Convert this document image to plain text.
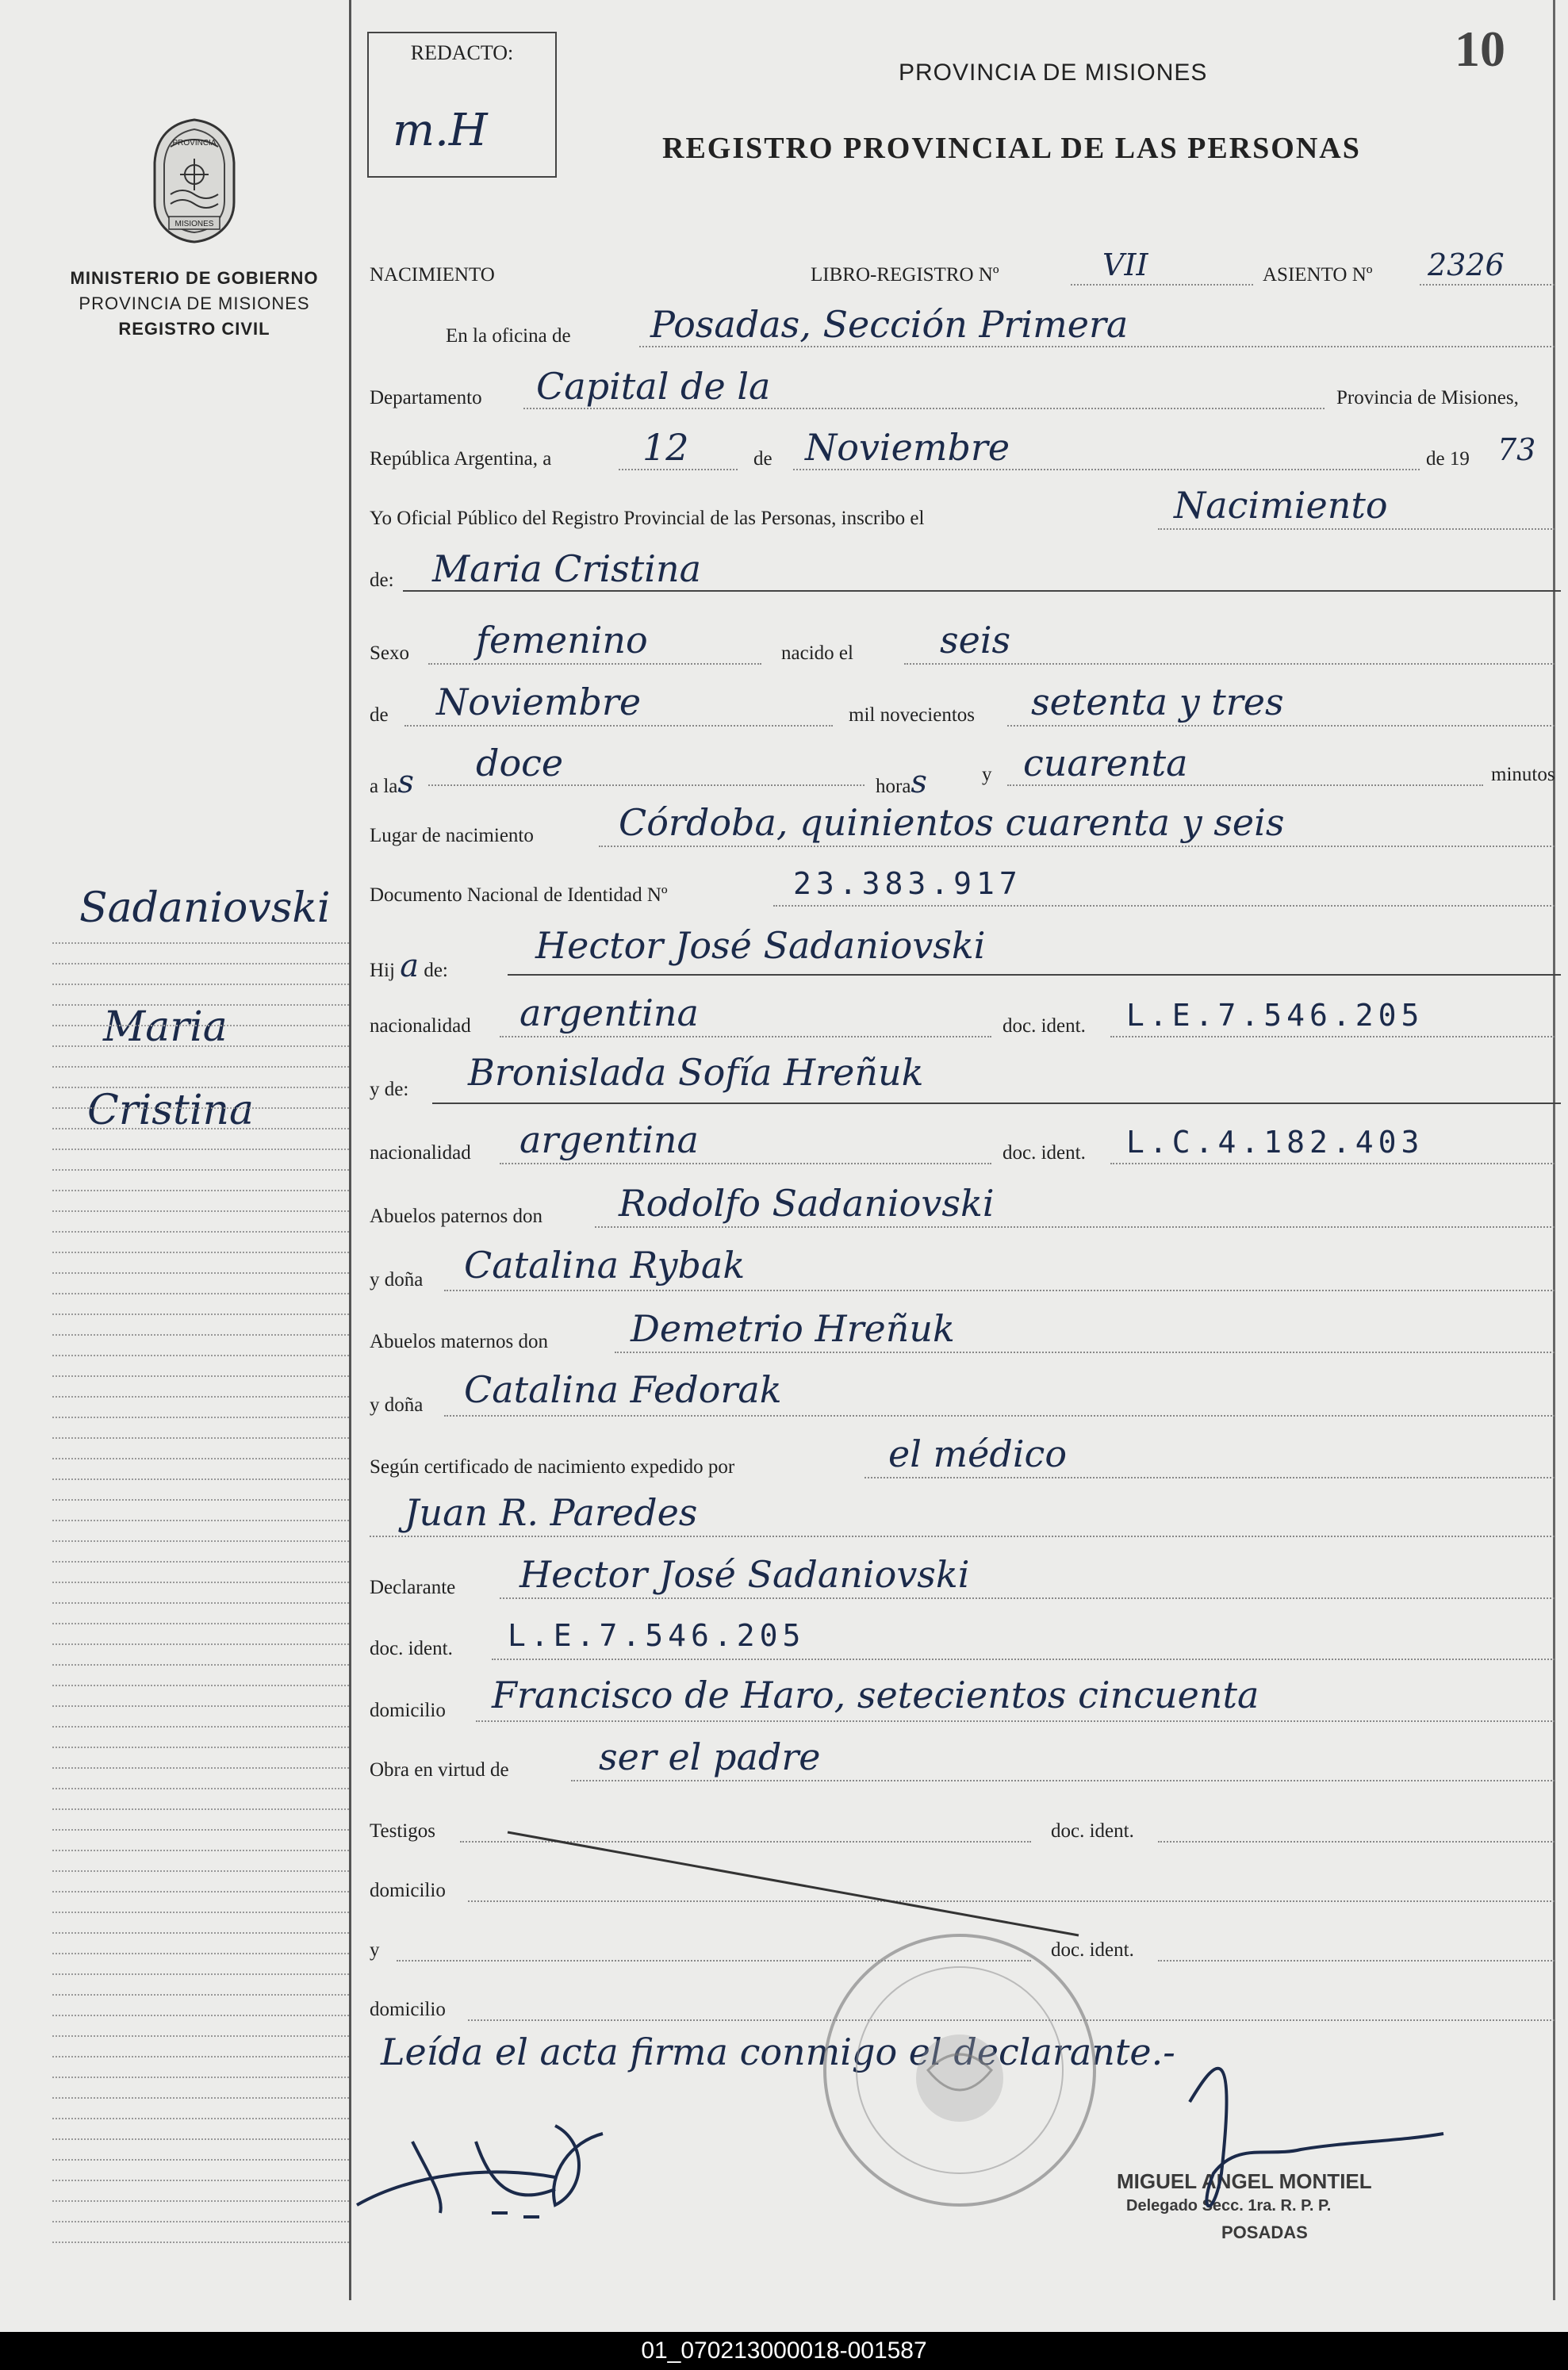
REDACTO:
m.H
PROVINCIA DE MISIONES
REGISTRO PROVINCIAL DE LAS PERSONAS
10
PROVINCIA
MISIONES
MINISTERIO DE GOBIERNO
PROVINCIA DE MISIONES
REGISTRO CIVIL
Sadaniovski
Maria
Cristina
NACIMIENTO	LIBRO-REGISTRO Nº	VII	ASIENTO Nº 2326
En la oficina de Posadas, Sección Primera
Departamento Capital de la	Provincia de Misiones,
República Argentina, a 12	de Noviembre	de 19 73
Yo Oficial Público del Registro Provincial de las Personas, inscribo el	Nacimiento
de: Maria Cristina
Sexo femenino	nacido el seis
de Noviembre	mil novecientos setenta y tres
a las doce
horas	y cuarenta	minutos
Lugar de nacimiento Córdoba, quinientos cuarenta y seis
Documento Nacional de Identidad Nº	23.383.917
Hij a de:
Hector José Sadaniovski
nacionalidad argentina	doc. ident. L.E.7.546.205
y de: Bronislada Sofía Hreñuk
nacionalidad argentina	doc. ident. L.C.4.182.403
Abuelos paternos don Rodolfo Sadaniovski
y doña Catalina Rybak
Abuelos maternos don Demetrio Hreñuk
y doña Catalina Fedorak
Según certificado de nacimiento expedido por	el médico
Juan R. Paredes
Declarante Hector José Sadaniovski
doc. ident. L.E.7.546.205
domicilio Francisco de Haro, setecientos cincuenta
Obra en virtud de ser el padre
Testigos	doc. ident.
domicilio
y	doc. ident.
domicilio
Leída el acta firma conmigo el declarante.-
MIGUEL ANGEL MONTIEL
Delegado Secc. 1ra. R. P. P.
POSADAS
01_070213000018-001587
